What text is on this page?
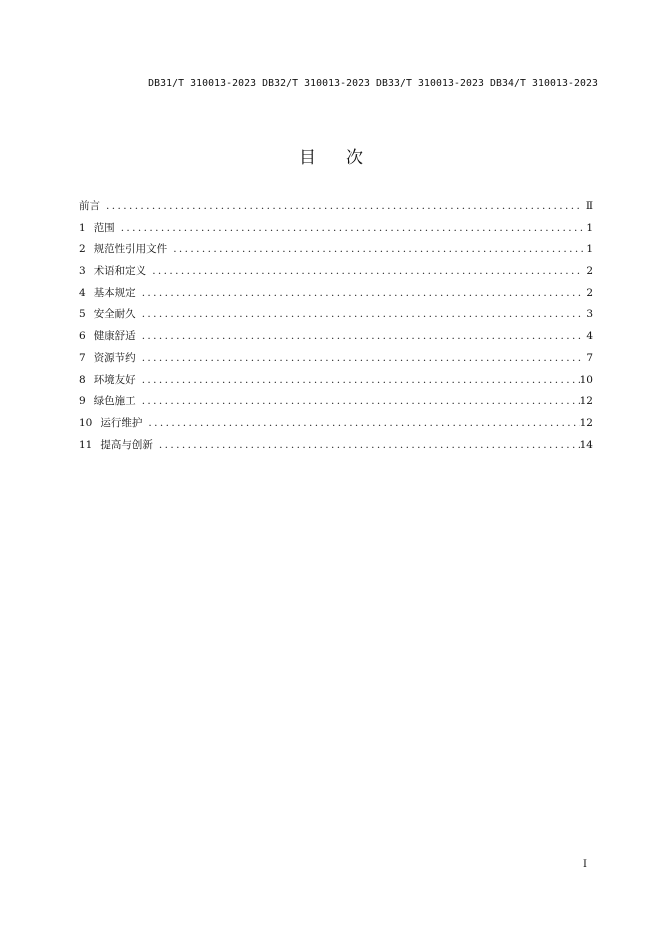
DB31/T 310013-2023 DB32/T 310013-2023 DB33/T 310013-2023 DB34/T 310013-2023
目次
前言 .....	Ⅱ
1 范围 .....	1
2 规范性引用文件 .....	1
3 术语和定义 .....	2
4 基本规定 .....	2
5 安全耐久 .....	3
6 健康舒适 .....	4
7 资源节约 .....	7
8 环境友好 .....	10
9 绿色施工 .....	12
10 运行维护 .....	12
11 提高与创新 .....	14
I
